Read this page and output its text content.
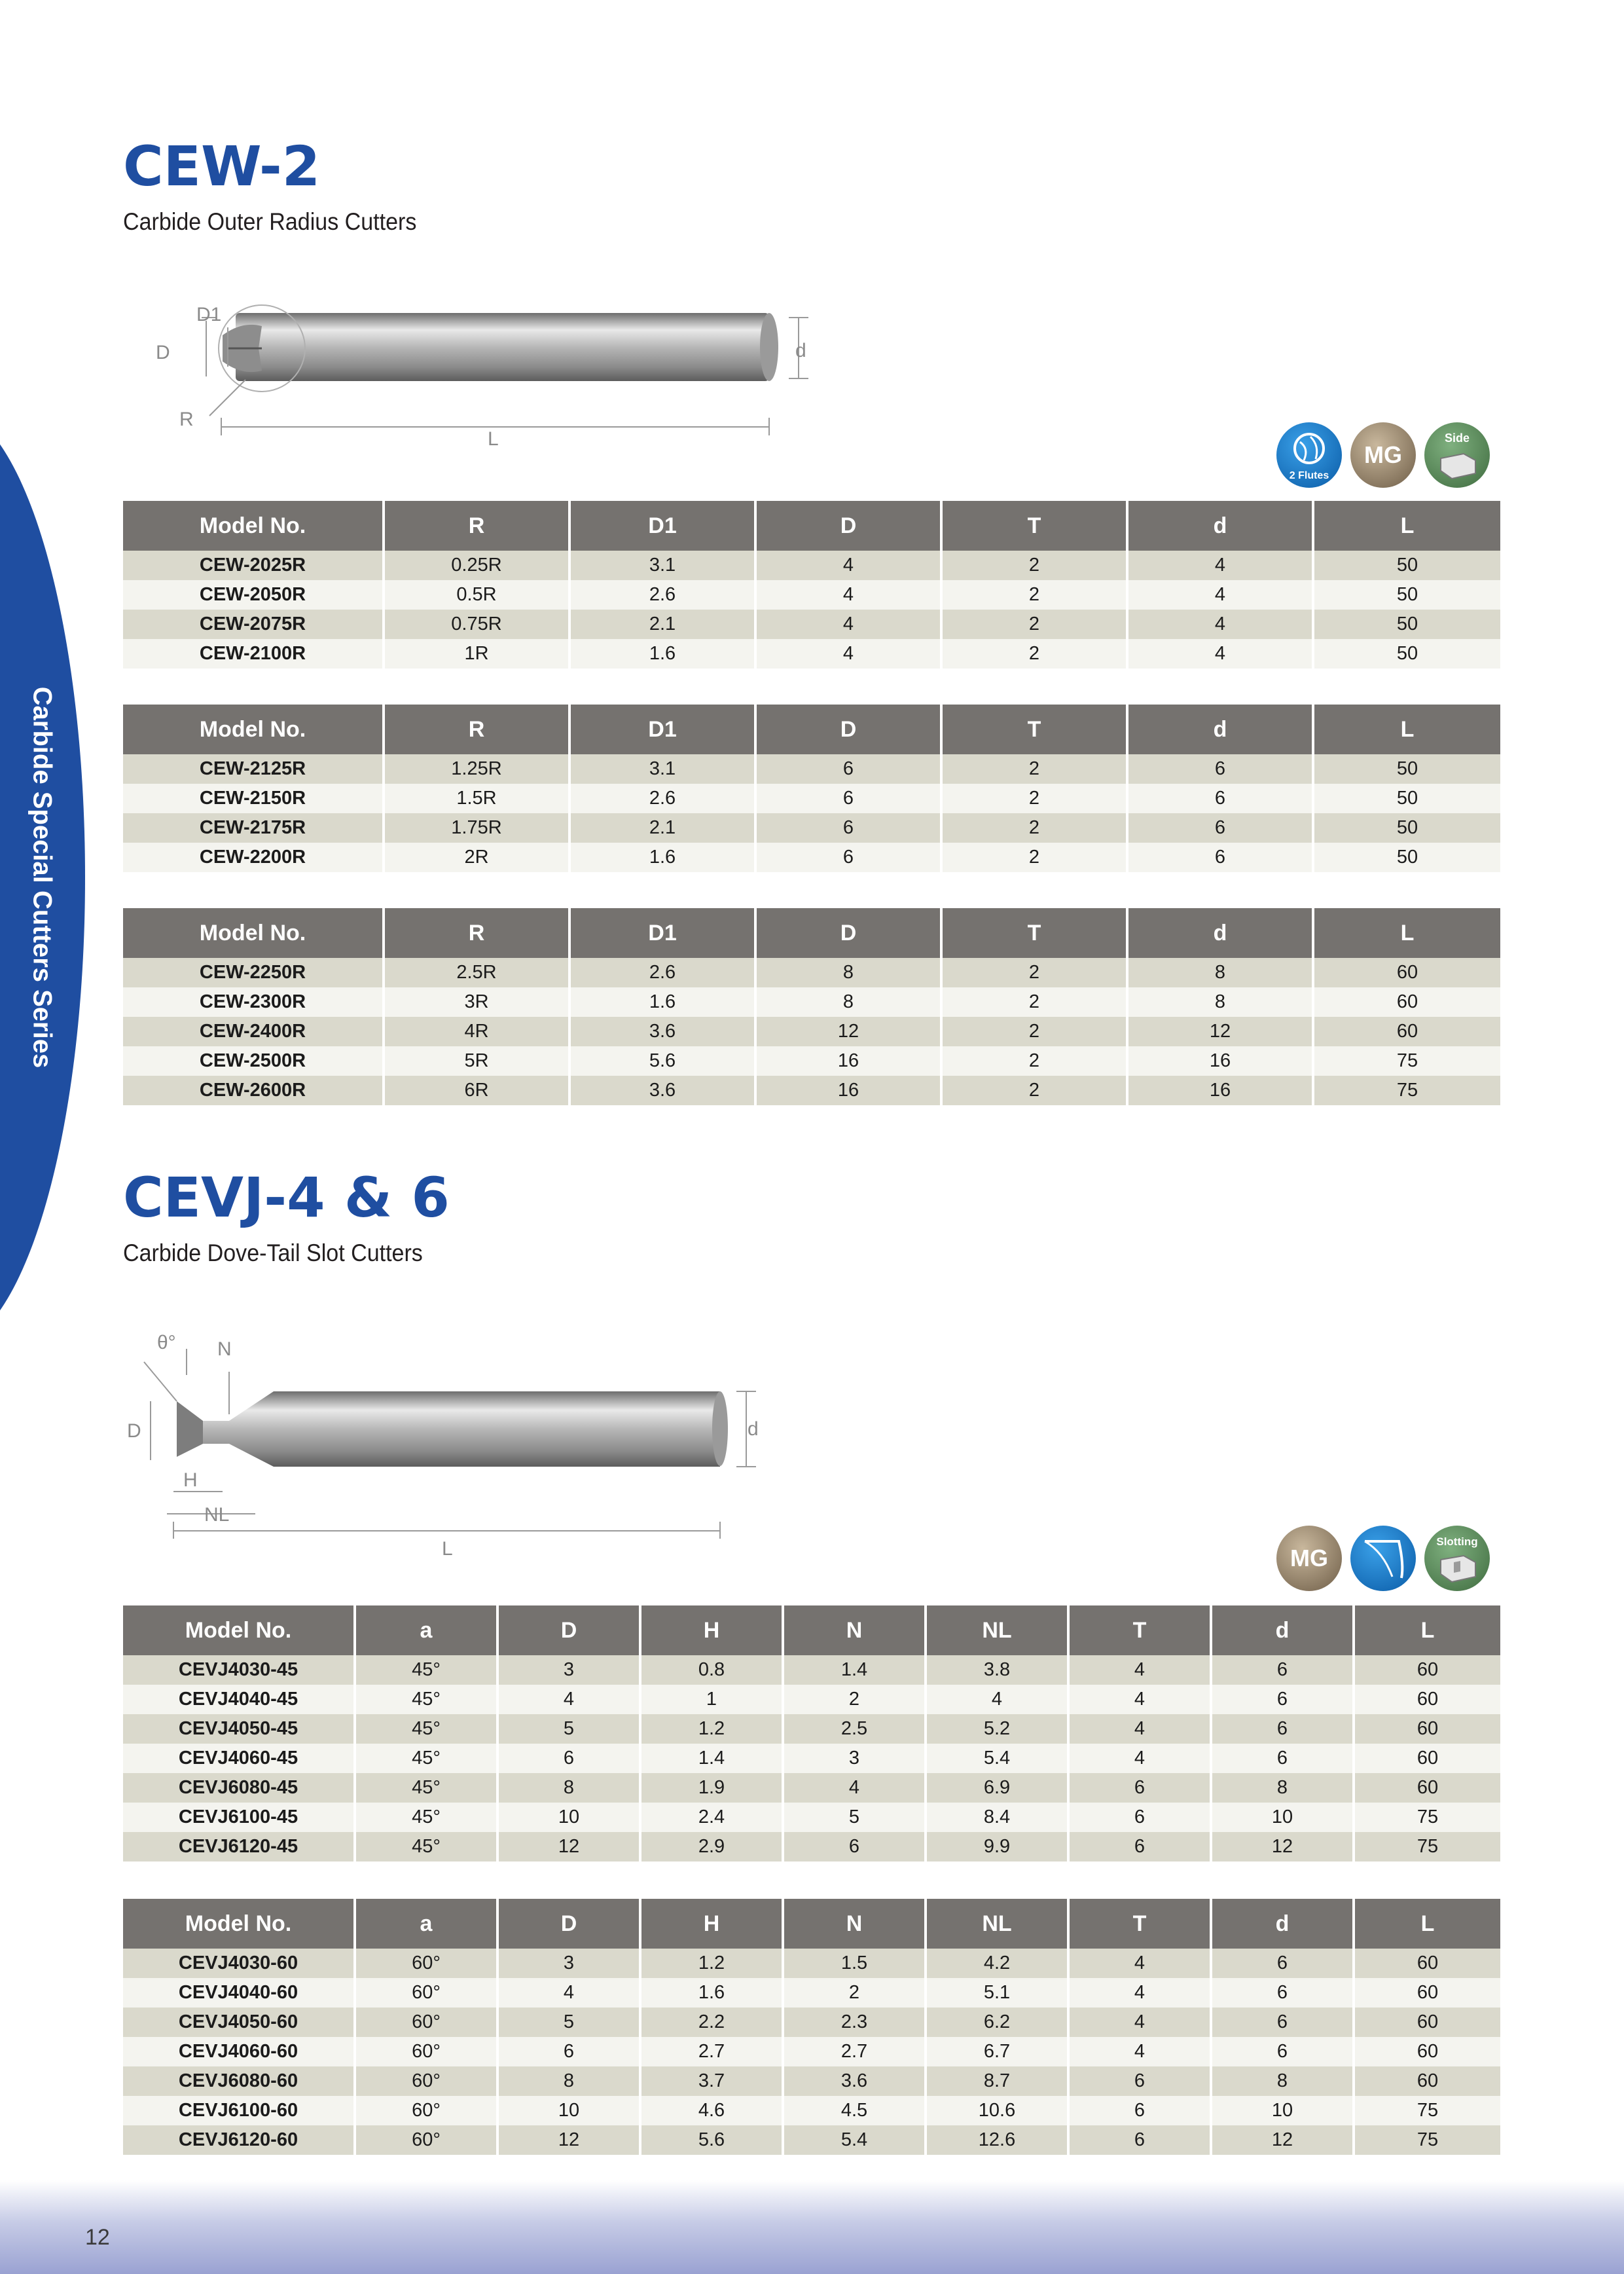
Carbide Special Cutters Series
CEW-2
Carbide Outer Radius Cutters
D1
D
R
L
d
2 Flutes
MG
Side
Model No.	R	D1	D	T	d	L
CEW-2025R	0.25R	3.1	4	2	4	50
CEW-2050R	0.5R	2.6	4	2	4	50
CEW-2075R	0.75R	2.1	4	2	4	50
CEW-2100R	1R	1.6	4	2	4	50
Model No.	R	D1	D	T	d	L
CEW-2125R	1.25R	3.1	6	2	6	50
CEW-2150R	1.5R	2.6	6	2	6	50
CEW-2175R	1.75R	2.1	6	2	6	50
CEW-2200R	2R	1.6	6	2	6	50
Model No.	R	D1	D	T	d	L
CEW-2250R	2.5R	2.6	8	2	8	60
CEW-2300R	3R	1.6	8	2	8	60
CEW-2400R	4R	3.6	12	2	12	60
CEW-2500R	5R	5.6	16	2	16	75
CEW-2600R	6R	3.6	16	2	16	75
CEVJ-4 & 6
Carbide Dove-Tail Slot Cutters
θ° N
D
H
NL
L
d
MG
Slotting
Model No.	a	D	H	N	NL	T	d	L
CEVJ4030-45	45°	3	0.8	1.4	3.8	4	6	60
CEVJ4040-45	45°	4	1	2	4	4	6	60
CEVJ4050-45	45°	5	1.2	2.5	5.2	4	6	60
CEVJ4060-45	45°	6	1.4	3	5.4	4	6	60
CEVJ6080-45	45°	8	1.9	4	6.9	6	8	60
CEVJ6100-45	45°	10	2.4	5	8.4	6	10	75
CEVJ6120-45	45°	12	2.9	6	9.9	6	12	75
Model No.	a	D	H	N	NL	T	d	L
CEVJ4030-60	60°	3	1.2	1.5	4.2	4	6	60
CEVJ4040-60	60°	4	1.6	2	5.1	4	6	60
CEVJ4050-60	60°	5	2.2	2.3	6.2	4	6	60
CEVJ4060-60	60°	6	2.7	2.7	6.7	4	6	60
CEVJ6080-60	60°	8	3.7	3.6	8.7	6	8	60
CEVJ6100-60	60°	10	4.6	4.5	10.6	6	10	75
CEVJ6120-60	60°	12	5.6	5.4	12.6	6	12	75
12
